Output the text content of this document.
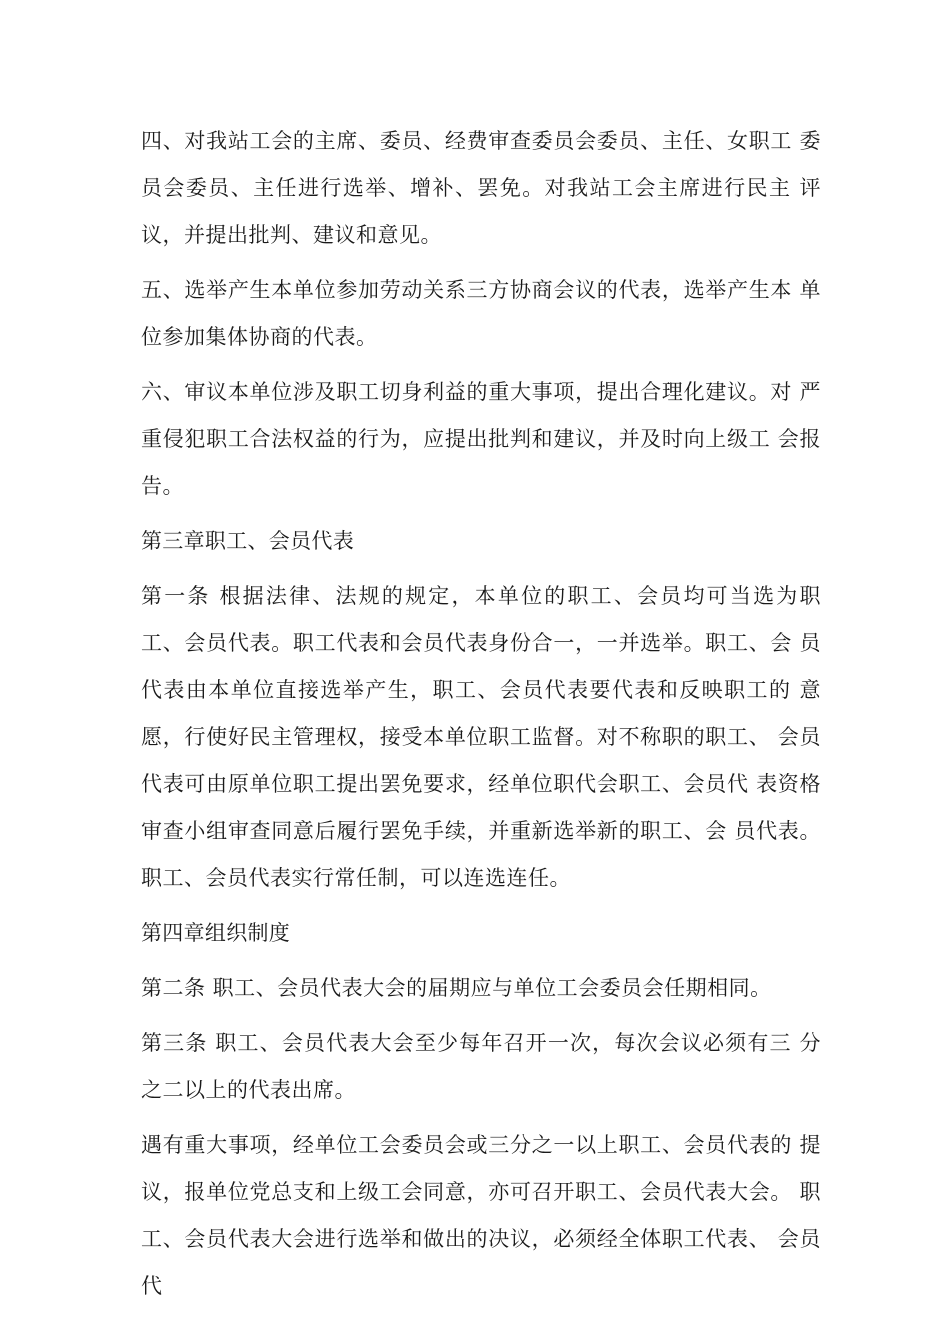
四、对我站工会的主席、委员、经费审查委员会委员、主任、女职工 委员会委员、主任进行选举、增补、罢免。对我站工会主席进行民主 评议，并提出批判、建议和意见。

五、选举产生本单位参加劳动关系三方协商会议的代表，选举产生本 单位参加集体协商的代表。

六、审议本单位涉及职工切身利益的重大事项，提出合理化建议。对 严重侵犯职工合法权益的行为，应提出批判和建议，并及时向上级工 会报告。

第三章职工、会员代表

第一条 根据法律、法规的规定，本单位的职工、会员均可当选为职 工、会员代表。职工代表和会员代表身份合一，一并选举。职工、会 员代表由本单位直接选举产生，职工、会员代表要代表和反映职工的 意愿，行使好民主管理权，接受本单位职工监督。对不称职的职工、 会员代表可由原单位职工提出罢免要求，经单位职代会职工、会员代 表资格审查小组审查同意后履行罢免手续，并重新选举新的职工、会 员代表。职工、会员代表实行常任制，可以连选连任。

第四章组织制度

第二条 职工、会员代表大会的届期应与单位工会委员会任期相同。

第三条 职工、会员代表大会至少每年召开一次，每次会议必须有三 分之二以上的代表出席。

遇有重大事项，经单位工会委员会或三分之一以上职工、会员代表的 提议，报单位党总支和上级工会同意，亦可召开职工、会员代表大会。 职工、会员代表大会进行选举和做出的决议，必须经全体职工代表、 会员代
